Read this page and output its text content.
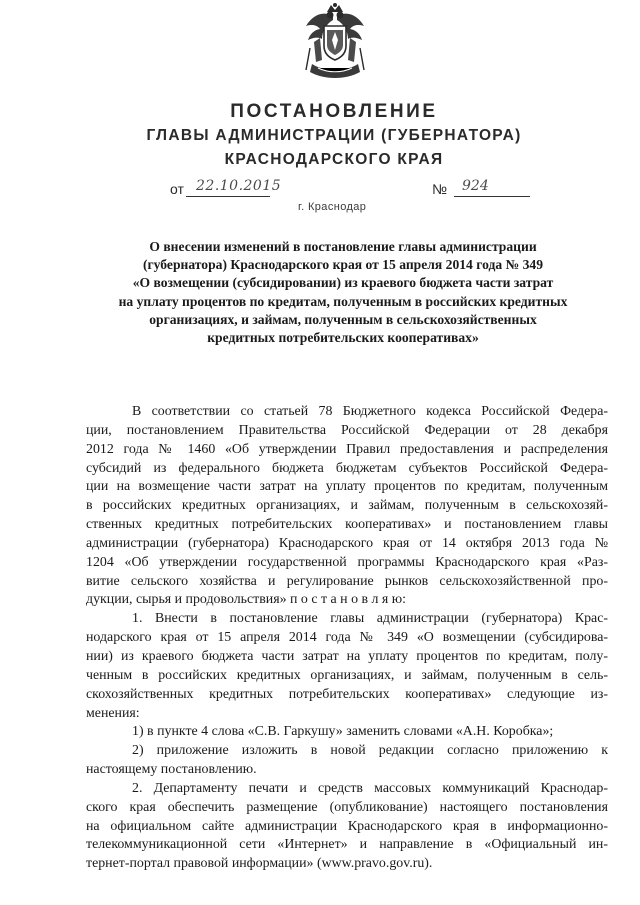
ПОСТАНОВЛЕНИЕ
ГЛАВЫ АДМИНИСТРАЦИИ (ГУБЕРНАТОРА)
КРАСНОДАРСКОГО КРАЯ
от 22.10.2015	№ 924
г. Краснодар
О внесении изменений в постановление главы администрации
(губернатора) Краснодарского края от 15 апреля 2014 года № 349
«О возмещении (субсидировании) из краевого бюджета части затрат
на уплату процентов по кредитам, полученным в российских кредитных
организациях, и займам, полученным в сельскохозяйственных
кредитных потребительских кооперативах»
В соответствии со статьей 78 Бюджетного кодекса Российской Федера-
ции, постановлением Правительства Российской Федерации от 28 декабря
2012 года № 1460 «Об утверждении Правил предоставления и распределения
субсидий из федерального бюджета бюджетам субъектов Российской Федера-
ции на возмещение части затрат на уплату процентов по кредитам, полученным
в российских кредитных организациях, и займам, полученным в сельскохозяй-
ственных кредитных потребительских кооперативах» и постановлением главы
администрации (губернатора) Краснодарского края от 14 октября 2013 года №
1204 «Об утверждении государственной программы Краснодарского края «Раз-
витие сельского хозяйства и регулирование рынков сельскохозяйственной про-
дукции, сырья и продовольствия» п о с т а н о в л я ю:
1. Внести в постановление главы администрации (губернатора) Крас-
нодарского края от 15 апреля 2014 года № 349 «О возмещении (субсидирова-
нии) из краевого бюджета части затрат на уплату процентов по кредитам, полу-
ченным в российских кредитных организациях, и займам, полученным в сель-
скохозяйственных кредитных потребительских кооперативах» следующие из-
менения:
1) в пункте 4 слова «С.В. Гаркушу» заменить словами «А.Н. Коробка»;
2) приложение изложить в новой редакции согласно приложению к
настоящему постановлению.
2. Департаменту печати и средств массовых коммуникаций Краснодар-
ского края обеспечить размещение (опубликование) настоящего постановления
на официальном сайте администрации Краснодарского края в информационно-
телекоммуникационной сети «Интернет» и направление в «Официальный ин-
тернет-портал правовой информации» (www.pravo.gov.ru).
